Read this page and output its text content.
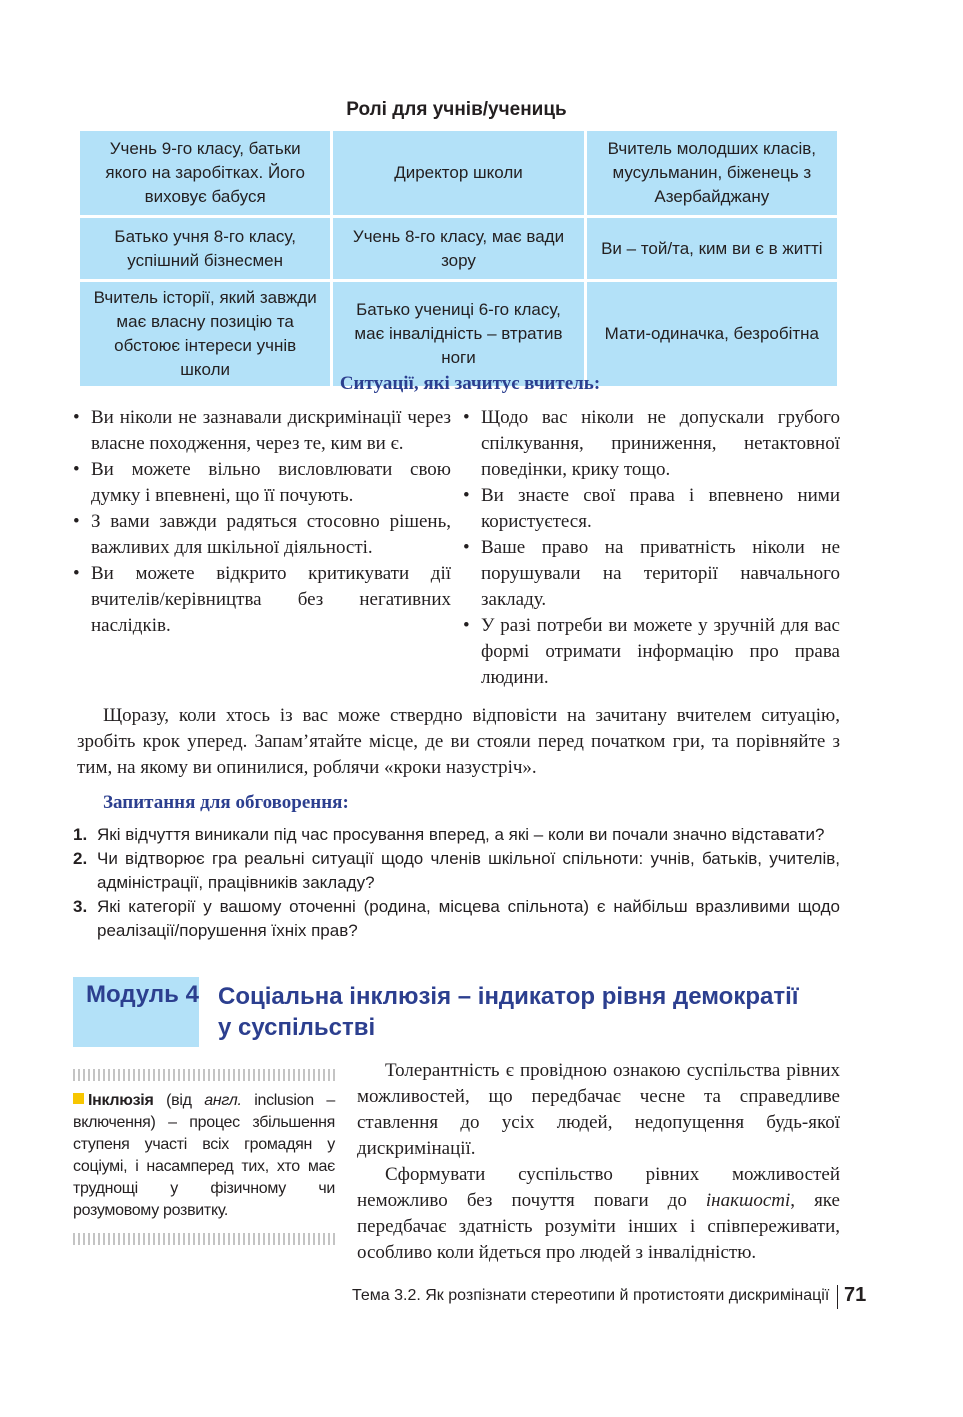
Ролі для учнів/учениць
Учень 9-го класу, батьки якого на заробітках. Його виховує бабуся	Директор школи	Вчитель молодших класів, мусульманин, біженець з Азербайджану
Батько учня 8-го класу, успішний бізнесмен	Учень 8-го класу, має вади зору	Ви – той/та, ким ви є в житті
Вчитель історії, який завжди має власну позицію та обстоює інтереси учнів школи	Батько учениці 6-го класу, має інвалідність – втратив ноги	Мати-одиначка, безробітна
Ситуації, які зачитує вчитель:
• Ви ніколи не зазнавали дискримінації через власне походження, через те, ким ви є.
• Ви можете вільно висловлювати свою думку і впевнені, що її почують.
• З вами завжди радяться стосовно рішень, важливих для шкільної діяльності.
• Ви можете відкрито критикувати дії вчителів/керівництва без негативних наслідків.
• Щодо вас ніколи не допускали грубого спілкування, приниження, нетактовної поведінки, крику тощо.
• Ви знаєте свої права і впевнено ними користуєтеся.
• Ваше право на приватність ніколи не порушували на території навчального закладу.
• У разі потреби ви можете у зручній для вас формі отримати інформацію про права людини.
Щоразу, коли хтось із вас може ствердно відповісти на зачитану вчителем ситуацію, зробіть крок уперед. Запам’ятайте місце, де ви стояли перед початком гри, та порівняйте з тим, на якому ви опинилися, роблячи «кроки назустріч».
Запитання для обговорення:
1. Які відчуття виникали під час просування вперед, а які – коли ви почали значно відставати?
2. Чи відтворює гра реальні ситуації щодо членів шкільної спільноти: учнів, батьків, учителів, адміністрації, працівників закладу?
3. Які категорії у вашому оточенні (родина, місцева спільнота) є найбільш вразливими щодо реалізації/порушення їхніх прав?
Модуль 4 Соціальна інклюзія – індикатор рівня демократії у суспільстві
Інклюзія (від англ. inclusion – включення) – процес збільшення ступеня участі всіх громадян у соціумі, і насамперед тих, хто має труднощі у фізичному чи розумовому розвитку.

Толерантність є провідною ознакою суспільства рівних можливостей, що передбачає чесне та справедливе ставлення до усіх людей, недопущення будь-якої дискримінації.

Сформувати суспільство рівних можливостей неможливо без почуття поваги до інакшості, яке передбачає здатність розуміти інших і співпереживати, особливо коли йдеться про людей з інвалідністю.

Тема 3.2. Як розпізнати стереотипи й протистояти дискримінації 71
